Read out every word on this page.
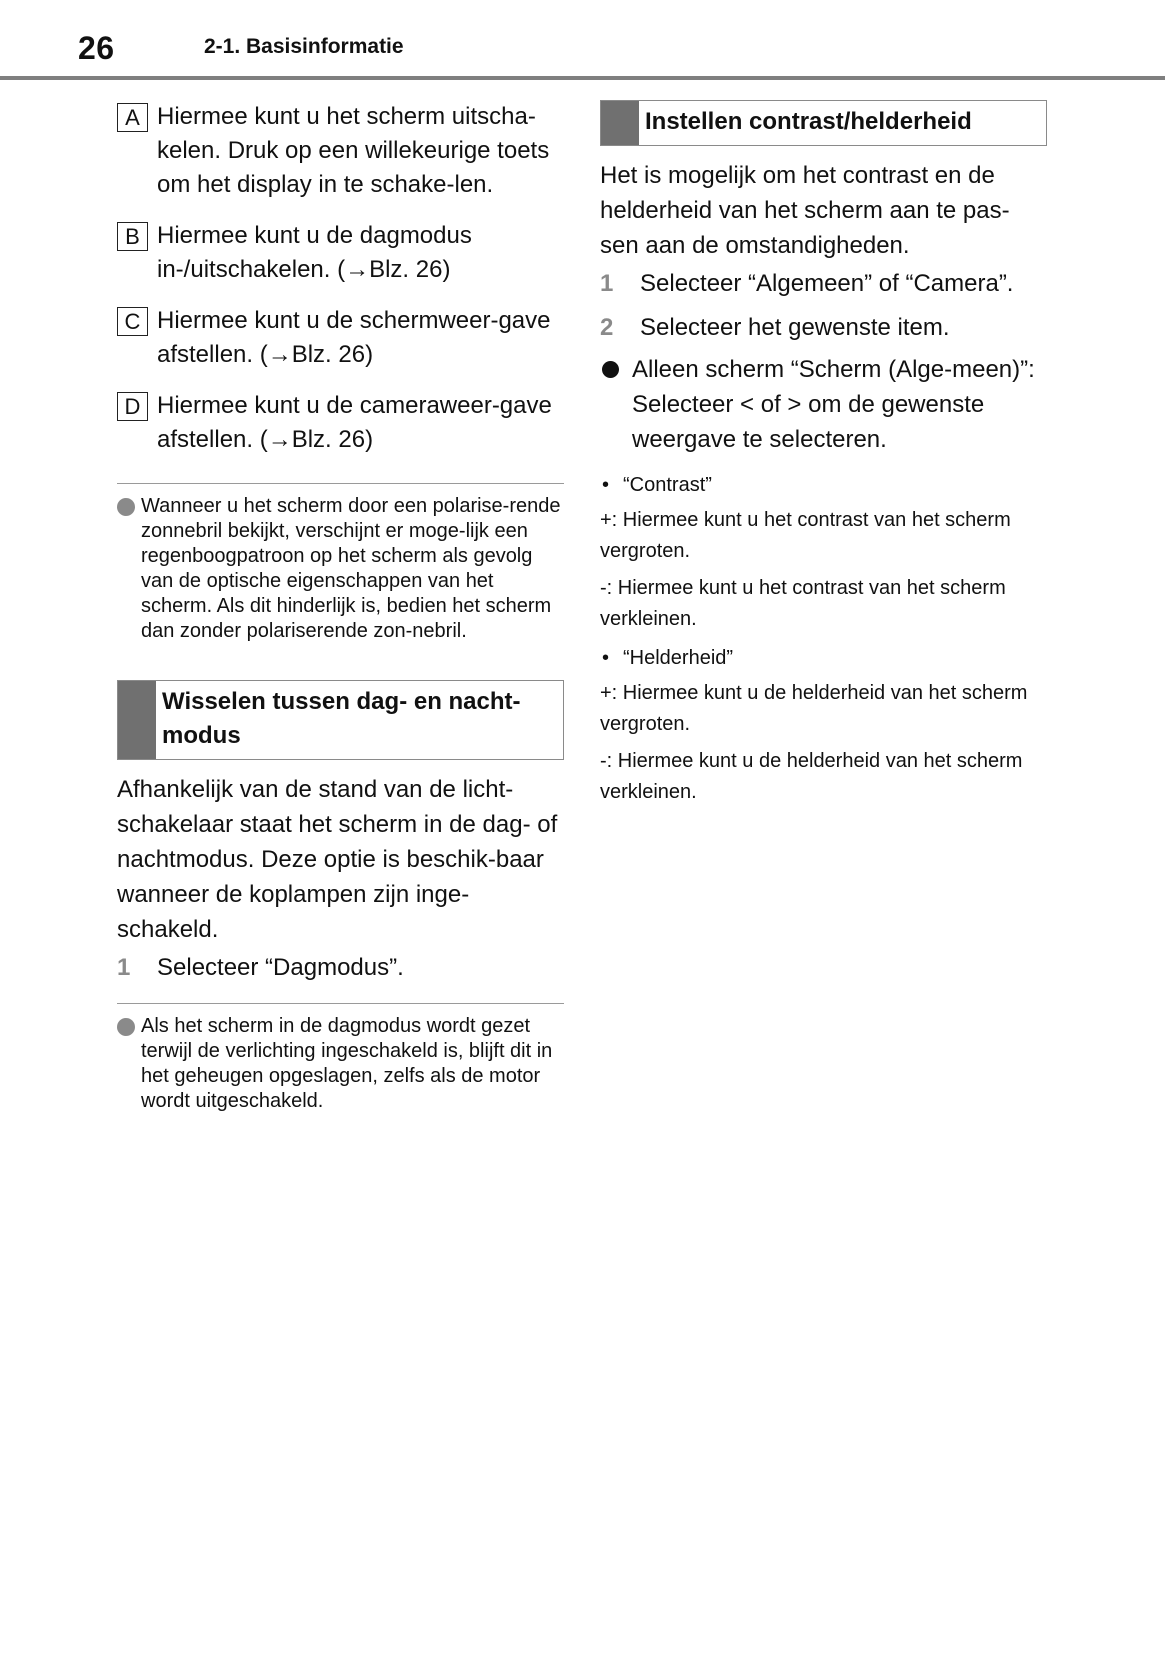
26	2-1. Basisinformatie
A Hiermee kunt u het scherm uitscha-kelen. Druk op een willekeurige toets om het display in te schake-len.
B Hiermee kunt u de dagmodus in-/uitschakelen. (→Blz. 26)
C Hiermee kunt u de schermweer-gave afstellen. (→Blz. 26)
D Hiermee kunt u de cameraweer-gave afstellen. (→Blz. 26)
Wanneer u het scherm door een polarise-rende zonnebril bekijkt, verschijnt er moge-lijk een regenboogpatroon op het scherm als gevolg van de optische eigenschappen van het scherm. Als dit hinderlijk is, bedien het scherm dan zonder polariserende zon-nebril.
Wisselen tussen dag- en nacht-modus
Afhankelijk van de stand van de licht-schakelaar staat het scherm in de dag- of nachtmodus. Deze optie is beschik-baar wanneer de koplampen zijn inge-schakeld.
1 Selecteer “Dagmodus”.
Als het scherm in de dagmodus wordt gezet terwijl de verlichting ingeschakeld is, blijft dit in het geheugen opgeslagen, zelfs als de motor wordt uitgeschakeld.
Instellen contrast/helderheid
Het is mogelijk om het contrast en de helderheid van het scherm aan te pas-sen aan de omstandigheden.
1 Selecteer “Algemeen” of “Camera”.
2 Selecteer het gewenste item.
Alleen scherm “Scherm (Alge-meen)”: Selecteer < of > om de gewenste weergave te selecteren.
• “Contrast”
+: Hiermee kunt u het contrast van het scherm vergroten.
-: Hiermee kunt u het contrast van het scherm verkleinen.
• “Helderheid”
+: Hiermee kunt u de helderheid van het scherm vergroten.
-: Hiermee kunt u de helderheid van het scherm verkleinen.
